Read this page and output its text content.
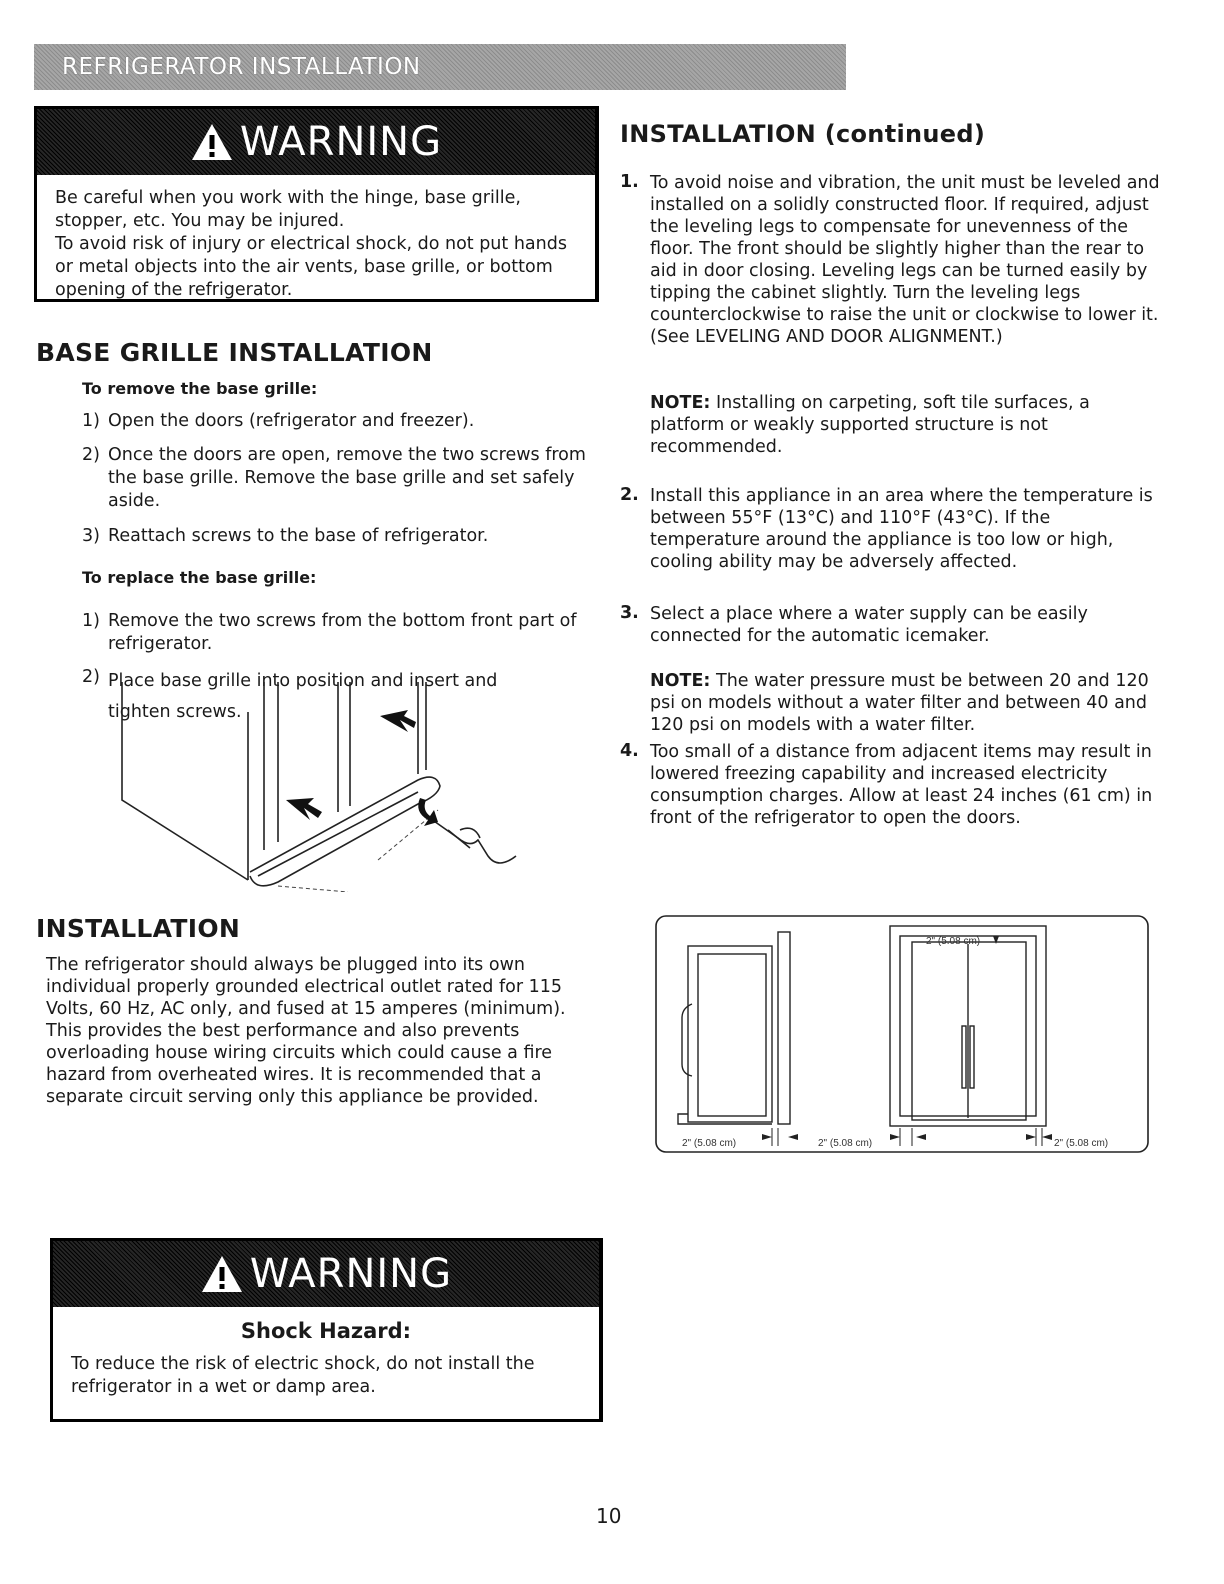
REFRIGERATOR INSTALLATION
WARNING

Be careful when you work with the hinge, base grille, stopper, etc. You may be injured.

To avoid risk of injury or electrical shock, do not put hands or metal objects into the air vents, base grille, or bottom opening of the refrigerator.

BASE GRILLE INSTALLATION

To remove the base grille:

1) Open the doors (refrigerator and freezer).
2) Once the doors are open, remove the two screws from the base grille. Remove the base grille and set safely aside.
3) Reattach screws to the base of refrigerator.

To replace the base grille:

1) Remove the two screws from the bottom front part of refrigerator.
2) Place base grille into position and insert and tighten screws.
INSTALLATION

The refrigerator should always be plugged into its own individual properly grounded electrical outlet rated for 115 Volts, 60 Hz, AC only, and fused at 15 amperes (minimum). This provides the best performance and also prevents overloading house wiring circuits which could cause a fire hazard from overheated wires. It is recommended that a separate circuit serving only this appliance be provided.

WARNING
Shock Hazard:

To reduce the risk of electric shock, do not install the refrigerator in a wet or damp area.

INSTALLATION (continued)
1. To avoid noise and vibration, the unit must be leveled and installed on a solidly constructed floor. If required, adjust the leveling legs to compensate for unevenness of the floor. The front should be slightly higher than the rear to aid in door closing. Leveling legs can be turned easily by tipping the cabinet slightly. Turn the leveling legs counterclockwise to raise the unit or clockwise to lower it. (See LEVELING AND DOOR ALIGNMENT.)

NOTE: Installing on carpeting, soft tile surfaces, a platform or weakly supported structure is not recommended.

2. Install this appliance in an area where the temperature is between 55°F (13°C) and 110°F (43°C). If the temperature around the appliance is too low or high, cooling ability may be adversely affected.

3. Select a place where a water supply can be easily connected for the automatic icemaker.

NOTE: The water pressure must be between 20 and 120 psi on models without a water filter and between 40 and 120 psi on models with a water filter.

4. Too small of a distance from adjacent items may result in lowered freezing capability and increased electricity consumption charges. Allow at least 24 inches (61 cm) in front of the refrigerator to open the doors.

2" (5.08 cm)
2" (5.08 cm)	2" (5.08 cm)	2" (5.08 cm)
10
